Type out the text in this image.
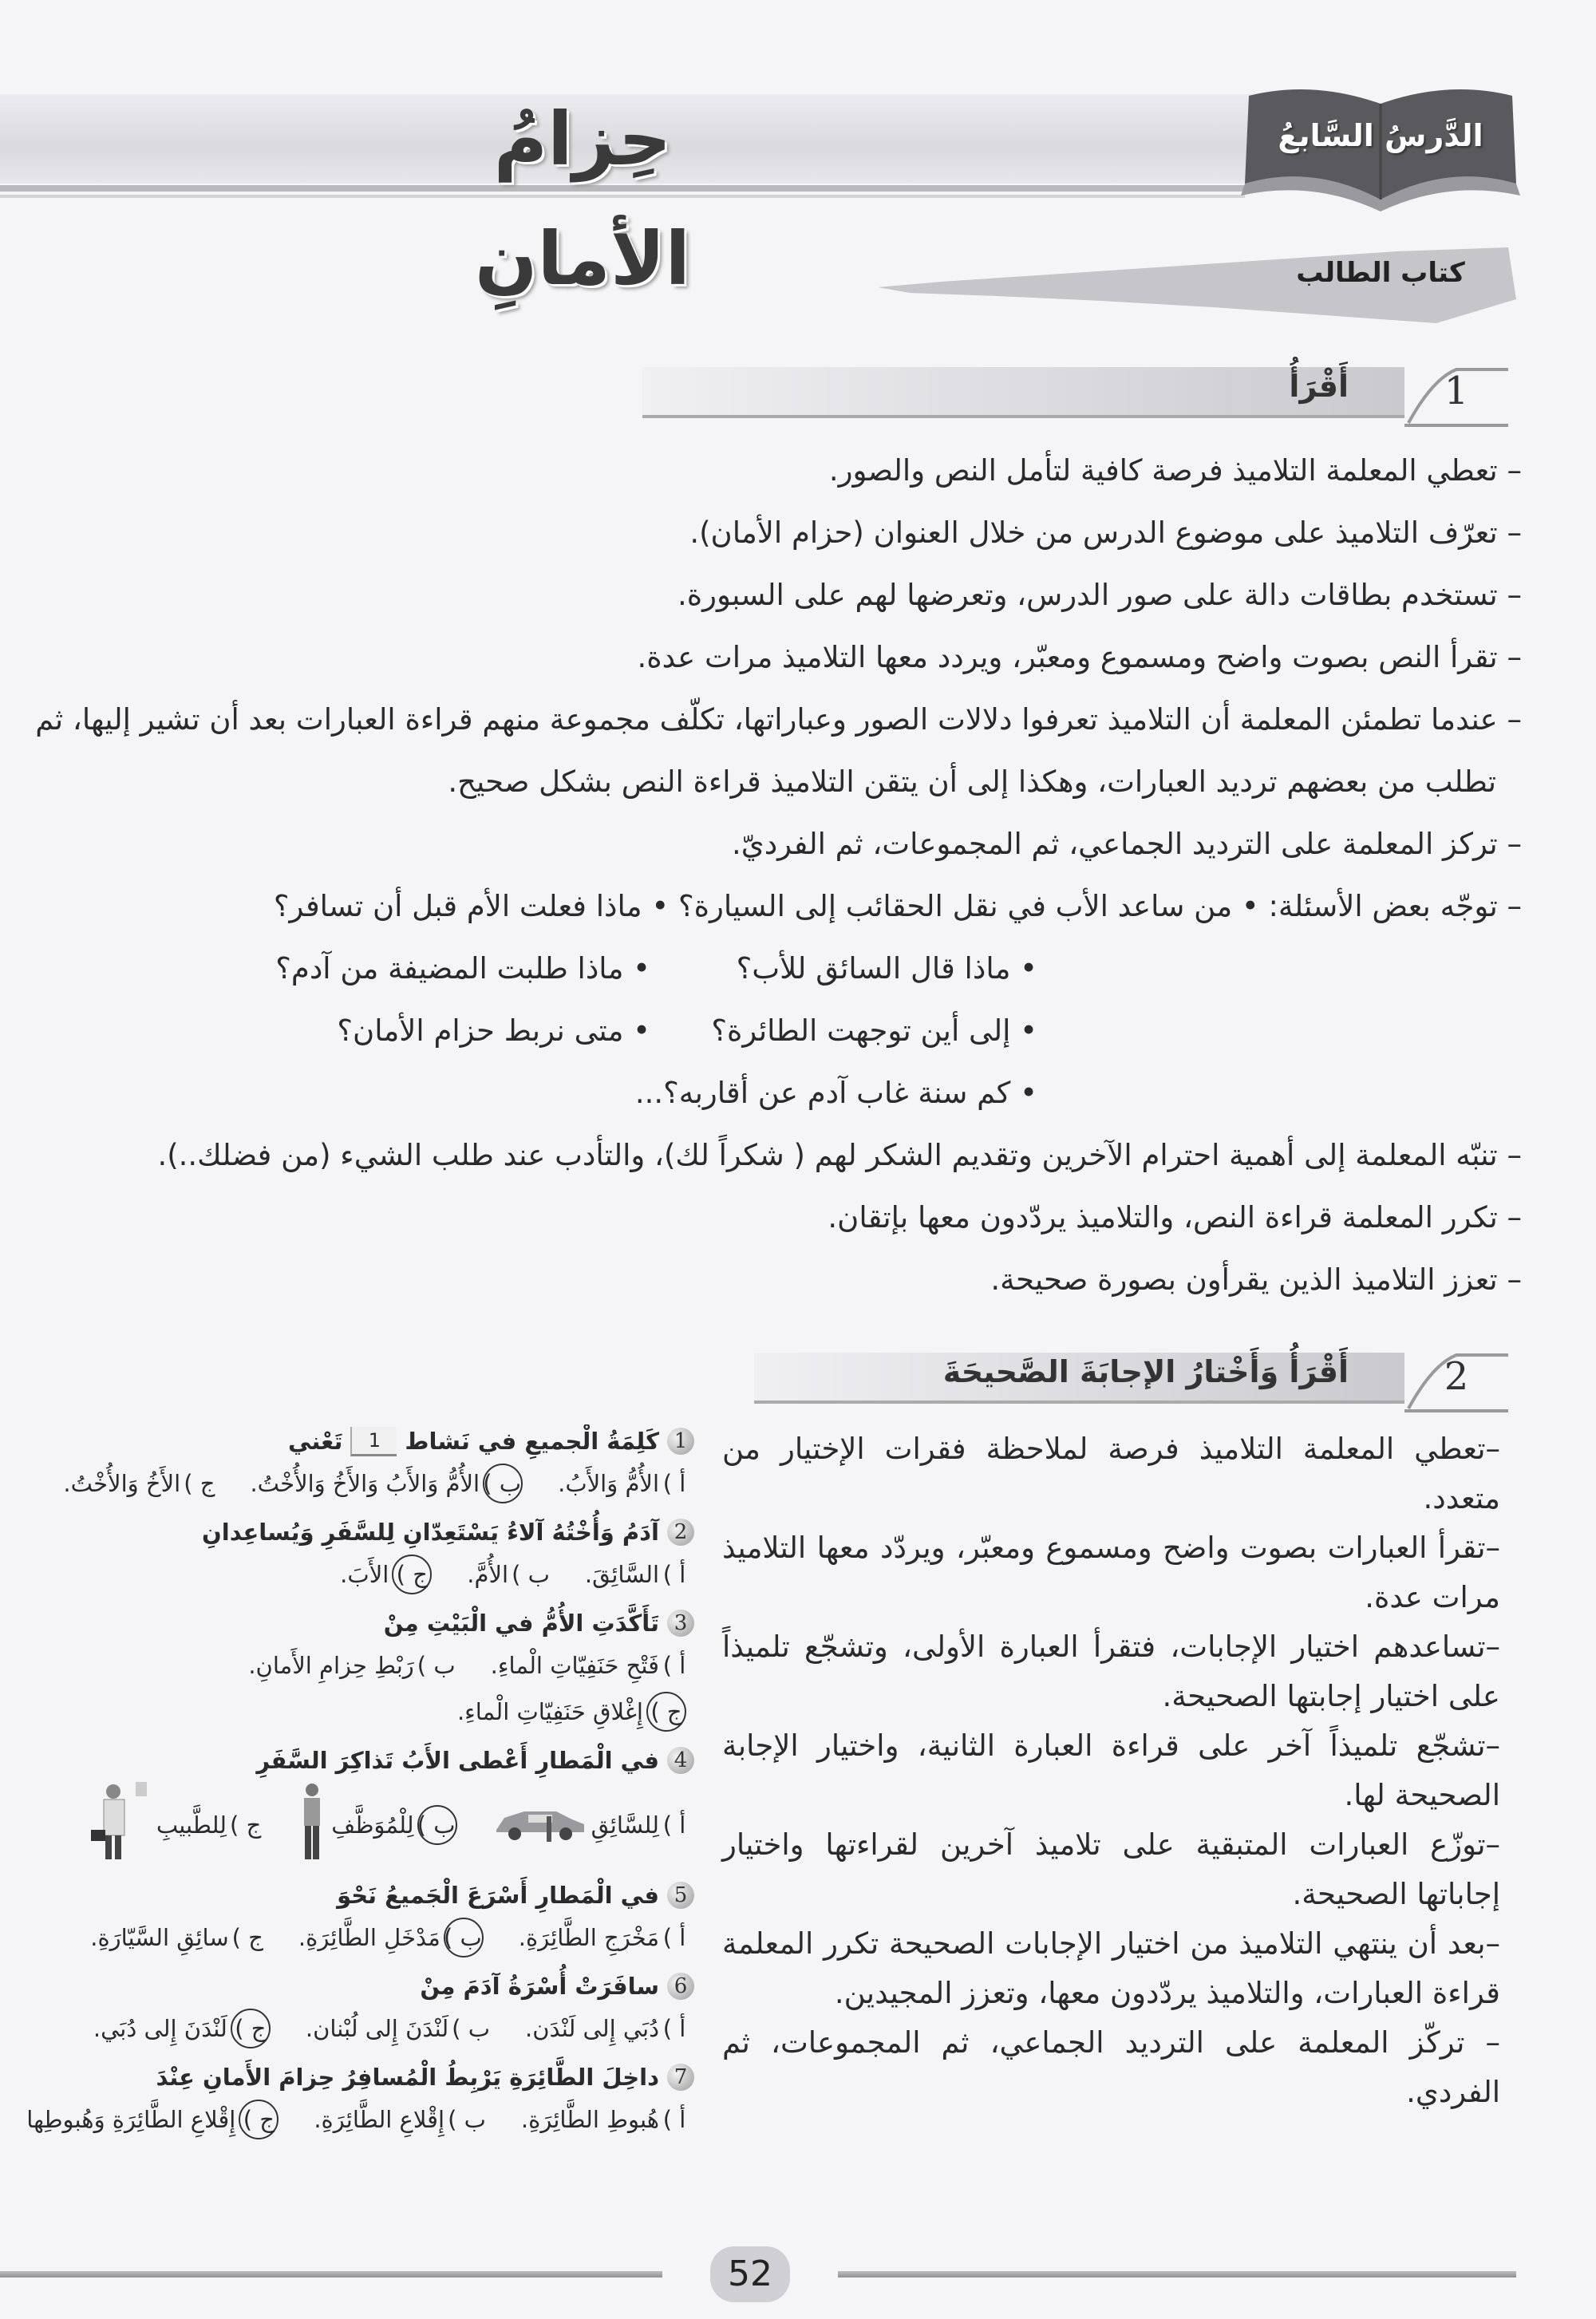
حِزامُ الأمانِ
الدَّرسُ السَّابعُ
كتاب الطالب
1
أَقْرَأُ
– تعطي المعلمة التلاميذ فرصة كافية لتأمل النص والصور.
– تعرّف التلاميذ على موضوع الدرس من خلال العنوان (حزام الأمان).
– تستخدم بطاقات دالة على صور الدرس، وتعرضها لهم على السبورة.
– تقرأ النص بصوت واضح ومسموع ومعبّر، ويردد معها التلاميذ مرات عدة.
– عندما تطمئن المعلمة أن التلاميذ تعرفوا دلالات الصور وعباراتها، تكلّف مجموعة منهم قراءة العبارات بعد أن تشير إليها، ثم
تطلب من بعضهم ترديد العبارات، وهكذا إلى أن يتقن التلاميذ قراءة النص بشكل صحيح.
– تركز المعلمة على الترديد الجماعي، ثم المجموعات، ثم الفرديّ.
– توجّه بعض الأسئلة: • من ساعد الأب في نقل الحقائب إلى السيارة؟ • ماذا فعلت الأم قبل أن تسافر؟
• ماذا قال السائق للأب؟
• ماذا طلبت المضيفة من آدم؟
• إلى أين توجهت الطائرة؟
• متى نربط حزام الأمان؟
• كم سنة غاب آدم عن أقاربه؟...
– تنبّه المعلمة إلى أهمية احترام الآخرين وتقديم الشكر لهم ( شكراً لك)، والتأدب عند طلب الشيء (من فضلك..).
– تكرر المعلمة قراءة النص، والتلاميذ يردّدون معها بإتقان.
– تعزز التلاميذ الذين يقرأون بصورة صحيحة.
2
أَقْرَأُ وَأَخْتارُ الإجابَةَ الصَّحيحَةَ

–تعطي المعلمة التلاميذ فرصة لملاحظة فقرات الإختيار من متعدد.

–تقرأ العبارات بصوت واضح ومسموع ومعبّر، ويردّد معها التلاميذ مرات عدة.

–تساعدهم اختيار الإجابات، فتقرأ العبارة الأولى، وتشجّع تلميذاً على اختيار إجابتها الصحيحة.

–تشجّع تلميذاً آخر على قراءة العبارة الثانية، واختيار الإجابة الصحيحة لها.

–توزّع العبارات المتبقية على تلاميذ آخرين لقراءتها واختيار إجاباتها الصحيحة.

–بعد أن ينتهي التلاميذ من اختيار الإجابات الصحيحة تكرر المعلمة قراءة العبارات، والتلاميذ يردّدون معها، وتعزز المجيدين.

– تركّز المعلمة على الترديد الجماعي، ثم المجموعات، ثم الفردي.

1
كَلِمَةُ الْجميعِ في نَشاط
1
تَعْني
أ )
الأُمُّ وَالأَبُ.
ب )
الأُمُّ وَالأَبُ وَالأَخُ وَالأُخْتُ.
ج )
الأَخُ وَالأُخْتُ.
2
آدَمُ وَأُخْتُهُ آلاءُ يَسْتَعِدّانِ لِلسَّفَرِ وَيُساعِدانِ
أ )
السَّائِقَ.
ب )
الأُمَّ.
ج )
الأَبَ.
3
تَأَكَّدَتِ الأُمُّ في الْبَيْتِ مِنْ
أ )
فَتْحِ حَنَفِيّاتِ الْماءِ.
ب )
رَبْطِ حِزامِ الأَمانِ.
ج )
إِغْلاقِ حَنَفِيّاتِ الْماءِ.
4
في الْمَطارِ أَعْطى الأَبُ تَذاكِرَ السَّفَرِ
أ )
لِلسَّائِقِ
ب )
لِلْمُوَظَّفِ
ج )
لِلطَّبيبِ
5
في الْمَطارِ أَسْرَعَ الْجَميعُ نَحْوَ
أ )
مَخْرَجِ الطَّائِرَةِ.
ب )
مَدْخَلِ الطَّائِرَةِ.
ج )
سائِقِ السَّيّارَةِ.
6
سافَرَتْ أُسْرَةُ آدَمَ مِنْ
أ )
دُبَي إِلى لَنْدَن.
ب )
لَنْدَنَ إِلى لُبْنان.
ج )
لَنْدَنَ إِلى دُبَي.
7
داخِلَ الطَّائِرَةِ يَرْبِطُ الْمُسافِرُ حِزامَ الأَمانِ عِنْدَ
أ )
هُبوطِ الطَّائِرَةِ.
ب )
إِقْلاعِ الطَّائِرَةِ.
ج )
إِقْلاعِ الطَّائِرَةِ وَهُبوطِها
52
